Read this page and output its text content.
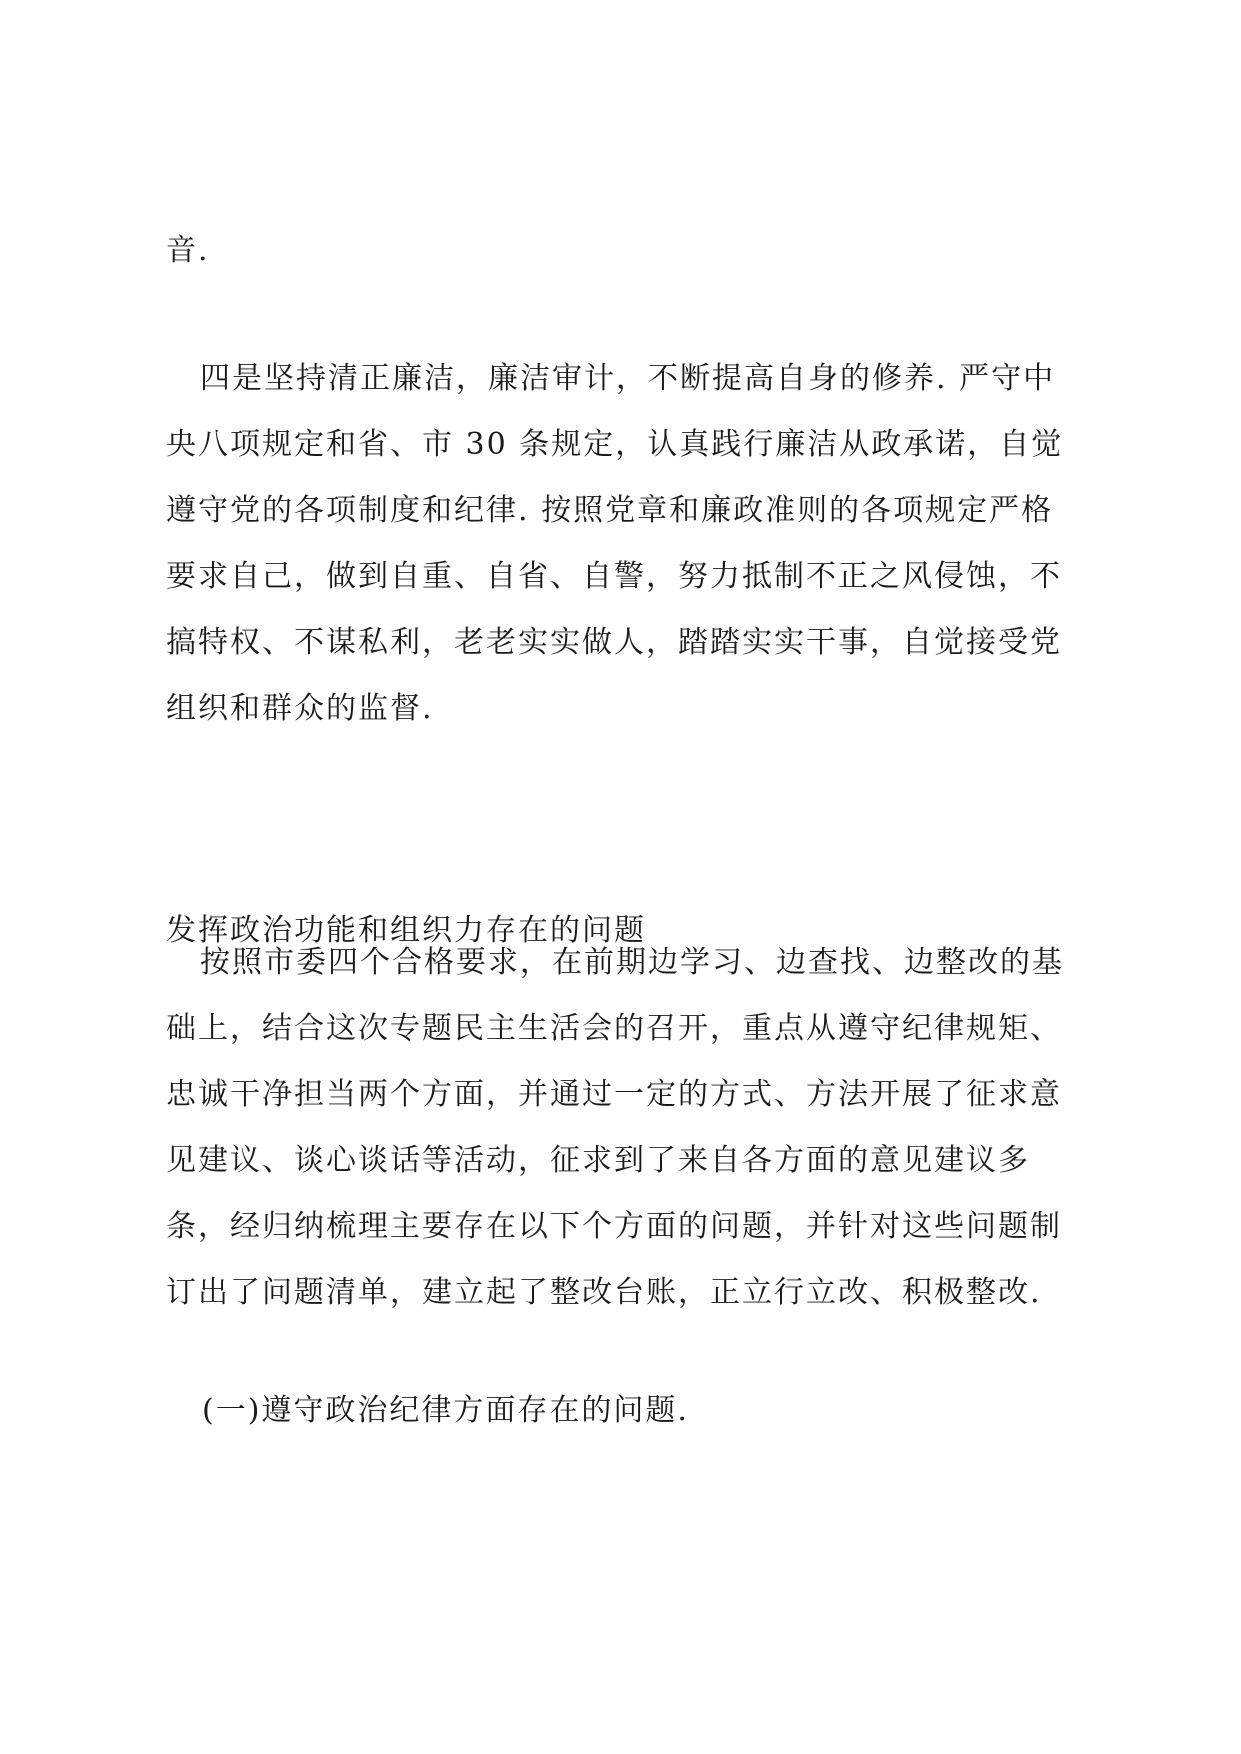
音.
四是坚持清正廉洁，廉洁审计，不断提高自身的修养. 严守中
央八项规定和省、市 30 条规定，认真践行廉洁从政承诺，自觉
遵守党的各项制度和纪律. 按照党章和廉政准则的各项规定严格
要求自己，做到自重、自省、自警，努力抵制不正之风侵蚀，不
搞特权、不谋私利，老老实实做人，踏踏实实干事，自觉接受党
组织和群众的监督.
发挥政治功能和组织力存在的问题
按照市委四个合格要求，在前期边学习、边查找、边整改的基
础上，结合这次专题民主生活会的召开，重点从遵守纪律规矩、
忠诚干净担当两个方面，并通过一定的方式、方法开展了征求意
见建议、谈心谈话等活动，征求到了来自各方面的意见建议多
条，经归纳梳理主要存在以下个方面的问题，并针对这些问题制
订出了问题清单，建立起了整改台账，正立行立改、积极整改.
(一)遵守政治纪律方面存在的问题.
